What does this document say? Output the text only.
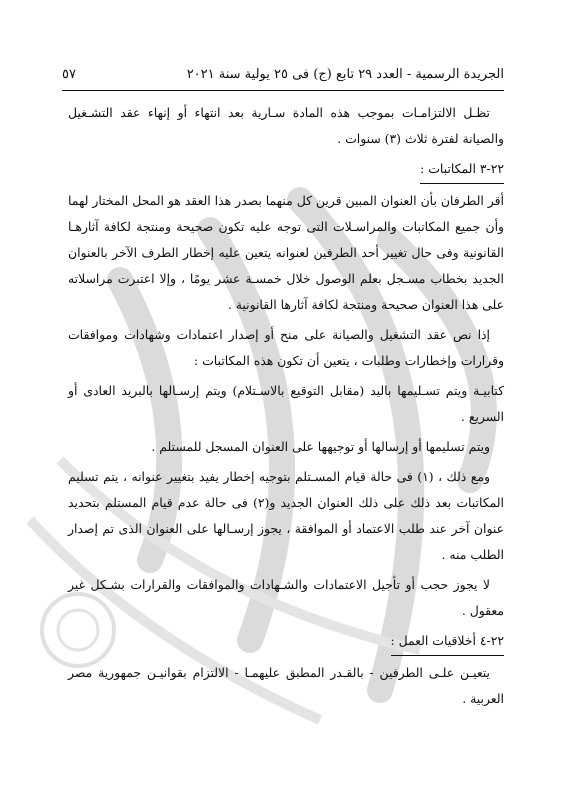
الجريدة الرسمية - العدد ٢٩ تابع (ج) فى ٢٥ يولية سنة ٢٠٢١
٥٧

تظـل الالتزامـات بموجب هذه المادة سـارية بعد انتهاء أو إنهاء عقد التشـغيل والصيانة لفترة ثلاث (٣) سنوات .

٢٢-٣ المكاتبات :

أقر الطرفان بأن العنوان المبين قرين كل منهما بصدر هذا العقد هو المحل المختار لهما وأن جميع المكاتبات والمراسـلات التى توجه عليه تكون صحيحة ومنتجة لكافة آثارهـا القانونية وفى حال تغيير أحد الطرفين لعنوانه يتعين عليه إخطار الطرف الآخر بالعنوان الجديد بخطاب مسـجل بعلم الوصول خلال خمسـة عشر يومًا ، وإلا اعتبرت مراسلاته على هذا العنوان صحيحة ومنتجة لكافة آثارها القانونية .

إذا نص عقد التشغيل والصيانة على منح أو إصدار اعتمادات وشهادات وموافقات وقرارات وإخطارات وطلبات ، يتعين أن تكون هذه المكاتبات :

كتابيـة ويتم تسـليمها باليد (مقابل التوقيع بالاسـتلام) ويتم إرسـالها بالبريد العادى أو السريع .

ويتم تسليمها أو إرسالها أو توجيهها على العنوان المسجل للمستلم .

ومع ذلك ، (١) فى حالة قيام المسـتلم بتوجيه إخطار يفيد بتغيير عنوانه ، يتم تسليم المكاتبات بعد ذلك على ذلك العنوان الجديد و(٢) فى حالة عدم قيام المستلم بتحديد عنوان آخر عند طلب الاعتماد أو الموافقة ، يجوز إرسـالها على العنوان الذى تم إصدار الطلب منه .

لا يجوز حجب أو تأجيل الاعتمادات والشـهادات والموافقات والقرارات بشـكل غير معقول .

٢٢-٤ أخلاقيات العمل :

يتعيـن علـى الطرفين - بالقـدر المطبق عليهمـا - الالتزام بقوانيـن جمهورية مصر العربية .
